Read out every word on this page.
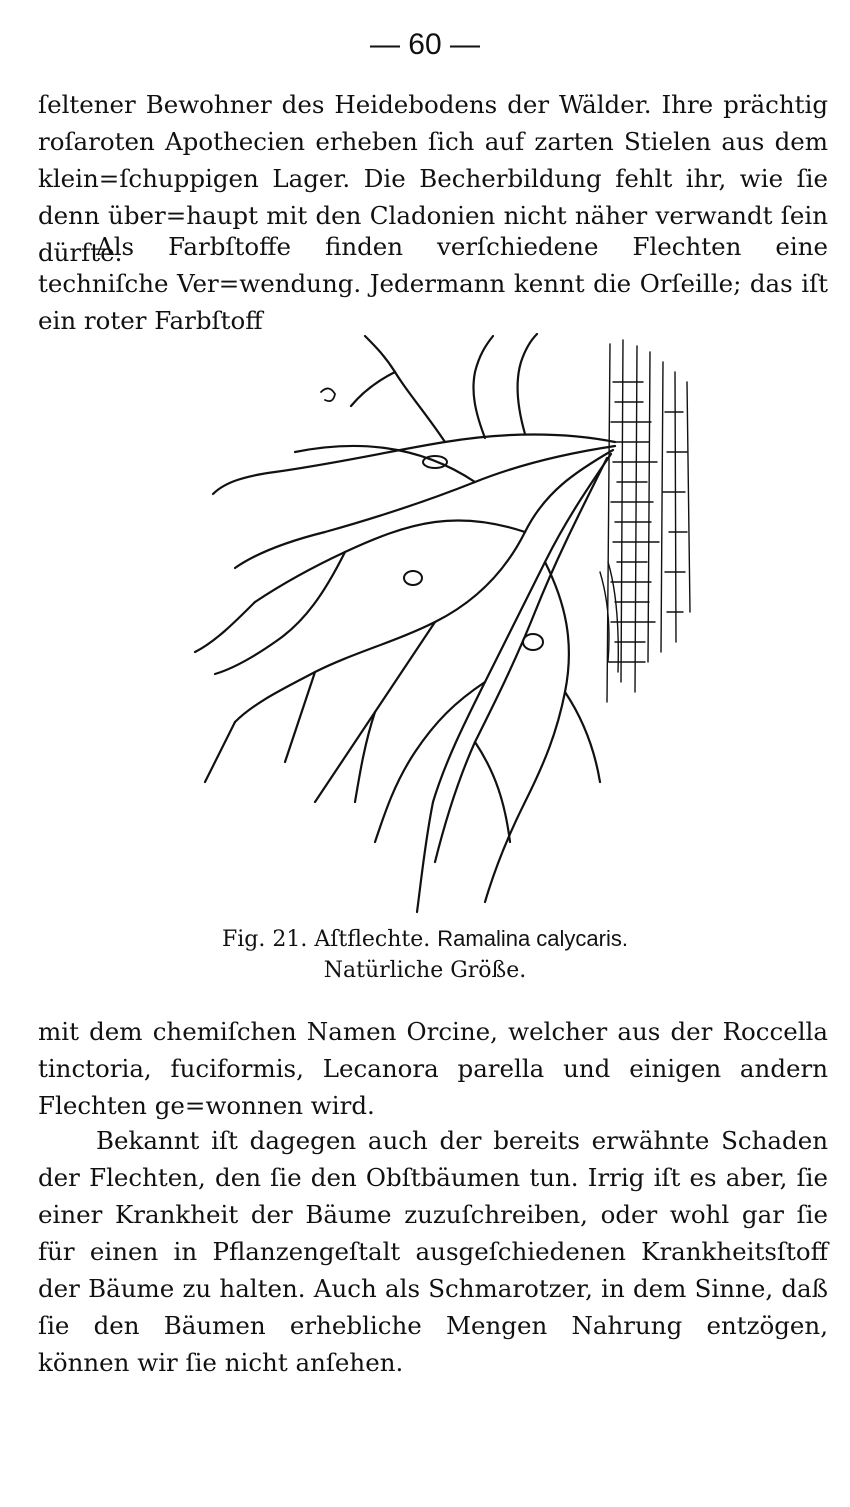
— 60 —

ſeltener Bewohner des Heidebodens der Wälder. Ihre prächtig roſaroten Apothecien erheben ſich auf zarten Stielen aus dem klein=ſchuppigen Lager. Die Becherbildung fehlt ihr, wie ſie denn über=haupt mit den Cladonien nicht näher verwandt ſein dürfte.

Als Farbſtoffe finden verſchiedene Flechten eine techniſche Ver=wendung. Jedermann kennt die Orſeille; das iſt ein roter Farbſtoff

Fig. 21. Aſtflechte. Ramalina calycaris.
Natürliche Größe.

mit dem chemiſchen Namen Orcine, welcher aus der Roccella tinctoria, fuciformis, Lecanora parella und einigen andern Flechten ge=wonnen wird.

Bekannt iſt dagegen auch der bereits erwähnte Schaden der Flechten, den ſie den Obſtbäumen tun. Irrig iſt es aber, ſie einer Krankheit der Bäume zuzuſchreiben, oder wohl gar ſie für einen in Pflanzengeſtalt ausgeſchiedenen Krankheitsſtoff der Bäume zu halten. Auch als Schmarotzer, in dem Sinne, daß ſie den Bäumen erhebliche Mengen Nahrung entzögen, können wir ſie nicht anſehen.
